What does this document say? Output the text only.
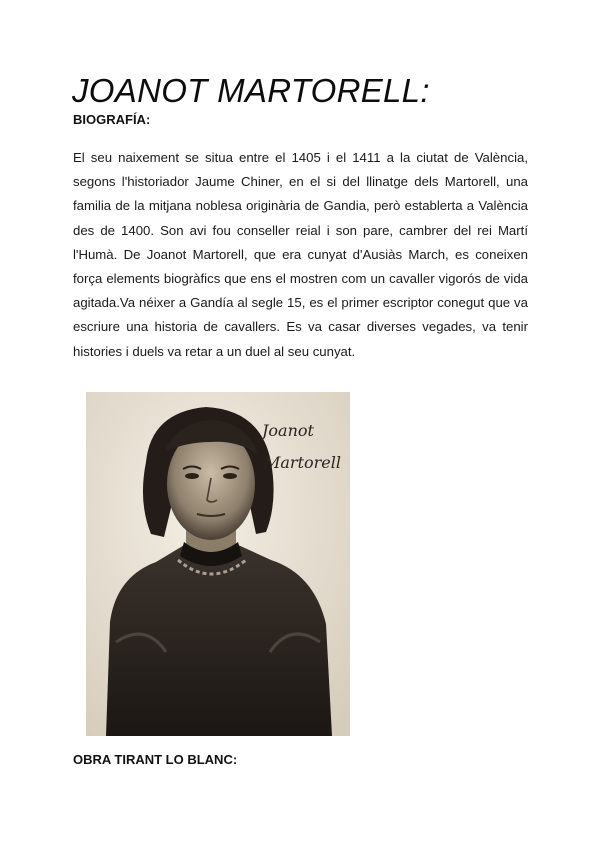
JOANOT MARTORELL:
BIOGRAFÍA:
El seu naixement se situa entre el 1405 i el 1411 a la ciutat de València, segons l'historiador Jaume Chiner, en el si del llinatge dels Martorell, una familia de la mitjana noblesa originària de Gandia, però establerta a València des de 1400. Son avi fou conseller reial i son pare, cambrer del rei Martí l'Humà. De Joanot Martorell, que era cunyat d'Ausiàs March, es coneixen força elements biogràfics que ens el mostren com un cavaller vigorós de vida agitada.Va néixer a Gandía al segle 15, es el primer escriptor conegut que va escriure una historia de cavallers. Es va casar diverses vegades, va tenir histories i duels va retar a un duel al seu cunyat.
Joanot
Martorell
OBRA TIRANT LO BLANC:
